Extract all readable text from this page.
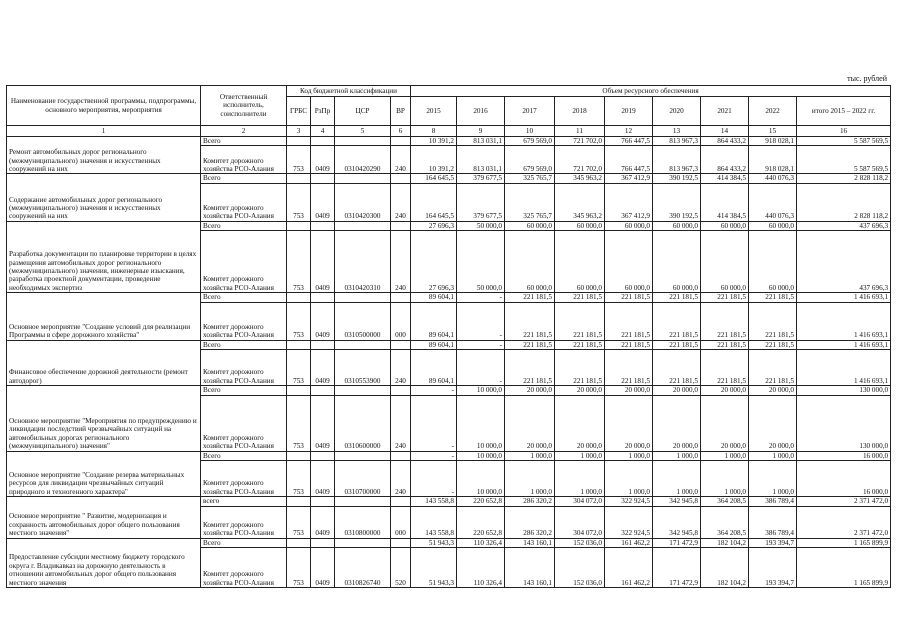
тыс. рублей
Наименование государственной программы, подпрограммы, основного мероприятия, мероприятия	Ответственный исполнитель, соисполнители	Код бюджетной классификации				Объем ресурсного обеспечения								
		ГРБС	РзПр	ЦСР	ВР	2015	2016	2017	2018	2019	2020	2021	2022	итого 2015 – 2022 гг.
1	2	3	4	5	6	8	9	10	11	12	13	14	15	16
Ремонт автомобильных дорог регионального (межмуниципального) значения и искусственных сооружений на них	Всего					10 391,2	813 031,1	679 569,0	721 702,0	766 447,5	813 967,3	864 433,2	918 028,1	5 587 569,5
	Комитет дорожного хозяйства РСО-Алания	753	0409	0310420290	240	10 391,2	813 031,1	679 569,0	721 702,0	766 447,5	813 967,3	864 433,2	918 028,1	5 587 569,5
Содержание автомобильных дорог регионального (межмуниципального) значения и искусственных сооружений на них	Всего					164 645,5	379 677,5	325 765,7	345 963,2	367 412,9	390 192,5	414 384,5	440 076,3	2 828 118,2
	Комитет дорожного хозяйства РСО-Алания	753	0409	0310420300	240	164 645,5	379 677,5	325 765,7	345 963,2	367 412,9	390 192,5	414 384,5	440 076,3	2 828 118,2
Разработка документации по планировке территории в целях размещения автомобильных дорог регионального (межмуниципального) значения, инженерные изыскания, разработка проектной документации, проведение необходимых экспертиз	Всего					27 696,3	50 000,0	60 000,0	60 000,0	60 000,0	60 000,0	60 000,0	60 000,0	437 696,3
	Комитет дорожного хозяйства РСО-Алания	753	0409	0310420310	240	27 696,3	50 000,0	60 000,0	60 000,0	60 000,0	60 000,0	60 000,0	60 000,0	437 696,3
Основное мероприятие "Создание условий для реализации Программы в сфере дорожного хозяйства"	Всего					89 604,1	-	221 181,5	221 181,5	221 181,5	221 181,5	221 181,5	221 181,5	1 416 693,1
	Комитет дорожного хозяйства РСО-Алания	753	0409	0310500000	000	89 604,1	-	221 181,5	221 181,5	221 181,5	221 181,5	221 181,5	221 181,5	1 416 693,1
Финансовое обеспечение дорожной деятельности (ремонт автодорог)	Всего					89 604,1	-	221 181,5	221 181,5	221 181,5	221 181,5	221 181,5	221 181,5	1 416 693,1
	Комитет дорожного хозяйства РСО-Алания	753	0409	0310553900	240	89 604,1	-	221 181,5	221 181,5	221 181,5	221 181,5	221 181,5	221 181,5	1 416 693,1
Основное мероприятие "Мероприятия по предупреждению и ликвидации последствий чрезвычайных ситуаций на автомобильных дорогах регионального (межмуниципального) значения"	Всего					-	10 000,0	20 000,0	20 000,0	20 000,0	20 000,0	20 000,0	20 000,0	130 000,0
	Комитет дорожного хозяйства РСО-Алания	753	0409	0310600000	240	-	10 000,0	20 000,0	20 000,0	20 000,0	20 000,0	20 000,0	20 000,0	130 000,0
Основное мероприятие "Создание резерва материальных ресурсов для ликвидации чрезвычайных ситуаций природного и техногенного характера"	Всего					-	10 000,0	1 000,0	1 000,0	1 000,0	1 000,0	1 000,0	1 000,0	16 000,0
	Комитет дорожного хозяйства РСО-Алания	753	0409	0310700000	240	-	10 000,0	1 000,0	1 000,0	1 000,0	1 000,0	1 000,0	1 000,0	16 000,0
Основное мероприятие " Развитие, модернизация и сохранность автомобильных дорог общего пользования местного значения"	всего					143 558,8	220 652,8	286 320,2	304 072,0	322 924,5	342 945,8	364 208,5	386 789,4	2 371 472,0
	Комитет дорожного хозяйства РСО-Алания	753	0409	0310800000	000	143 558,8	220 652,8	286 320,2	304 072,0	322 924,5	342 945,8	364 208,5	386 789,4	2 371 472,0
Предоставление субсидии местному бюджету городского округа г. Владикавказ на дорожную деятельность в отношении автомобильных дорог общего пользования местного значения	Всего					51 943,3	110 326,4	143 160,1	152 036,0	161 462,2	171 472,9	182 104,2	193 394,7	1 165 899,9
	Комитет дорожного хозяйства РСО-Алания	753	0409	0310826740	520	51 943,3	110 326,4	143 160,1	152 036,0	161 462,2	171 472,9	182 104,2	193 394,7	1 165 899,9
